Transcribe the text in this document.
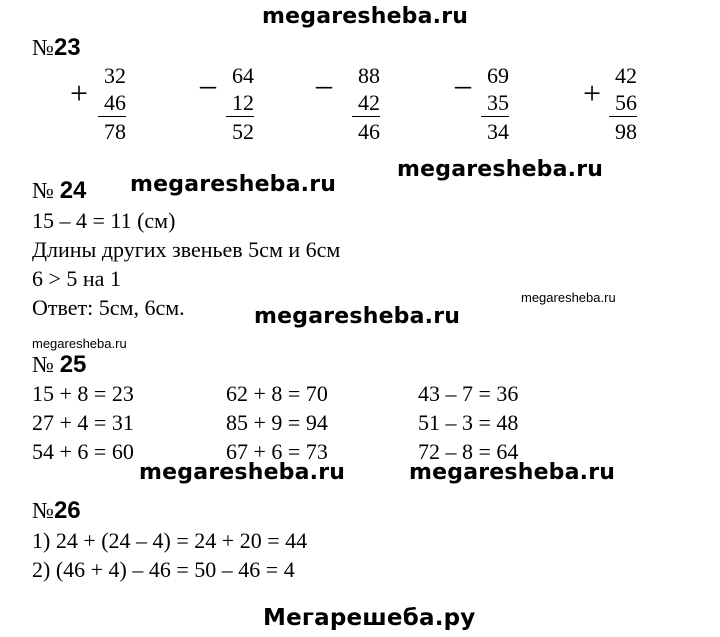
megaresheba.ru
megaresheba.ru
megaresheba.ru
megaresheba.ru
megaresheba.ru
megaresheba.ru
megaresheba.ru	megaresheba.ru
Мегарешеба.ру
№23
+ 32
46
78
– 64
12
52
– 88
42
46
– 69
35
34
+ 42
56
98
№ 24
15 – 4 = 11 (см)
Длины других звеньев 5см и 6см
6 > 5 на 1
Ответ: 5см, 6см.
№ 25
15 + 8 = 23	62 + 8 = 70	43 – 7 = 36
27 + 4 = 31	85 + 9 = 94	51 – 3 = 48
54 + 6 = 60	67 + 6 = 73	72 – 8 = 64
№26
1) 24 + (24 – 4) = 24 + 20 = 44
2) (46 + 4) – 46 = 50 – 46 = 4
